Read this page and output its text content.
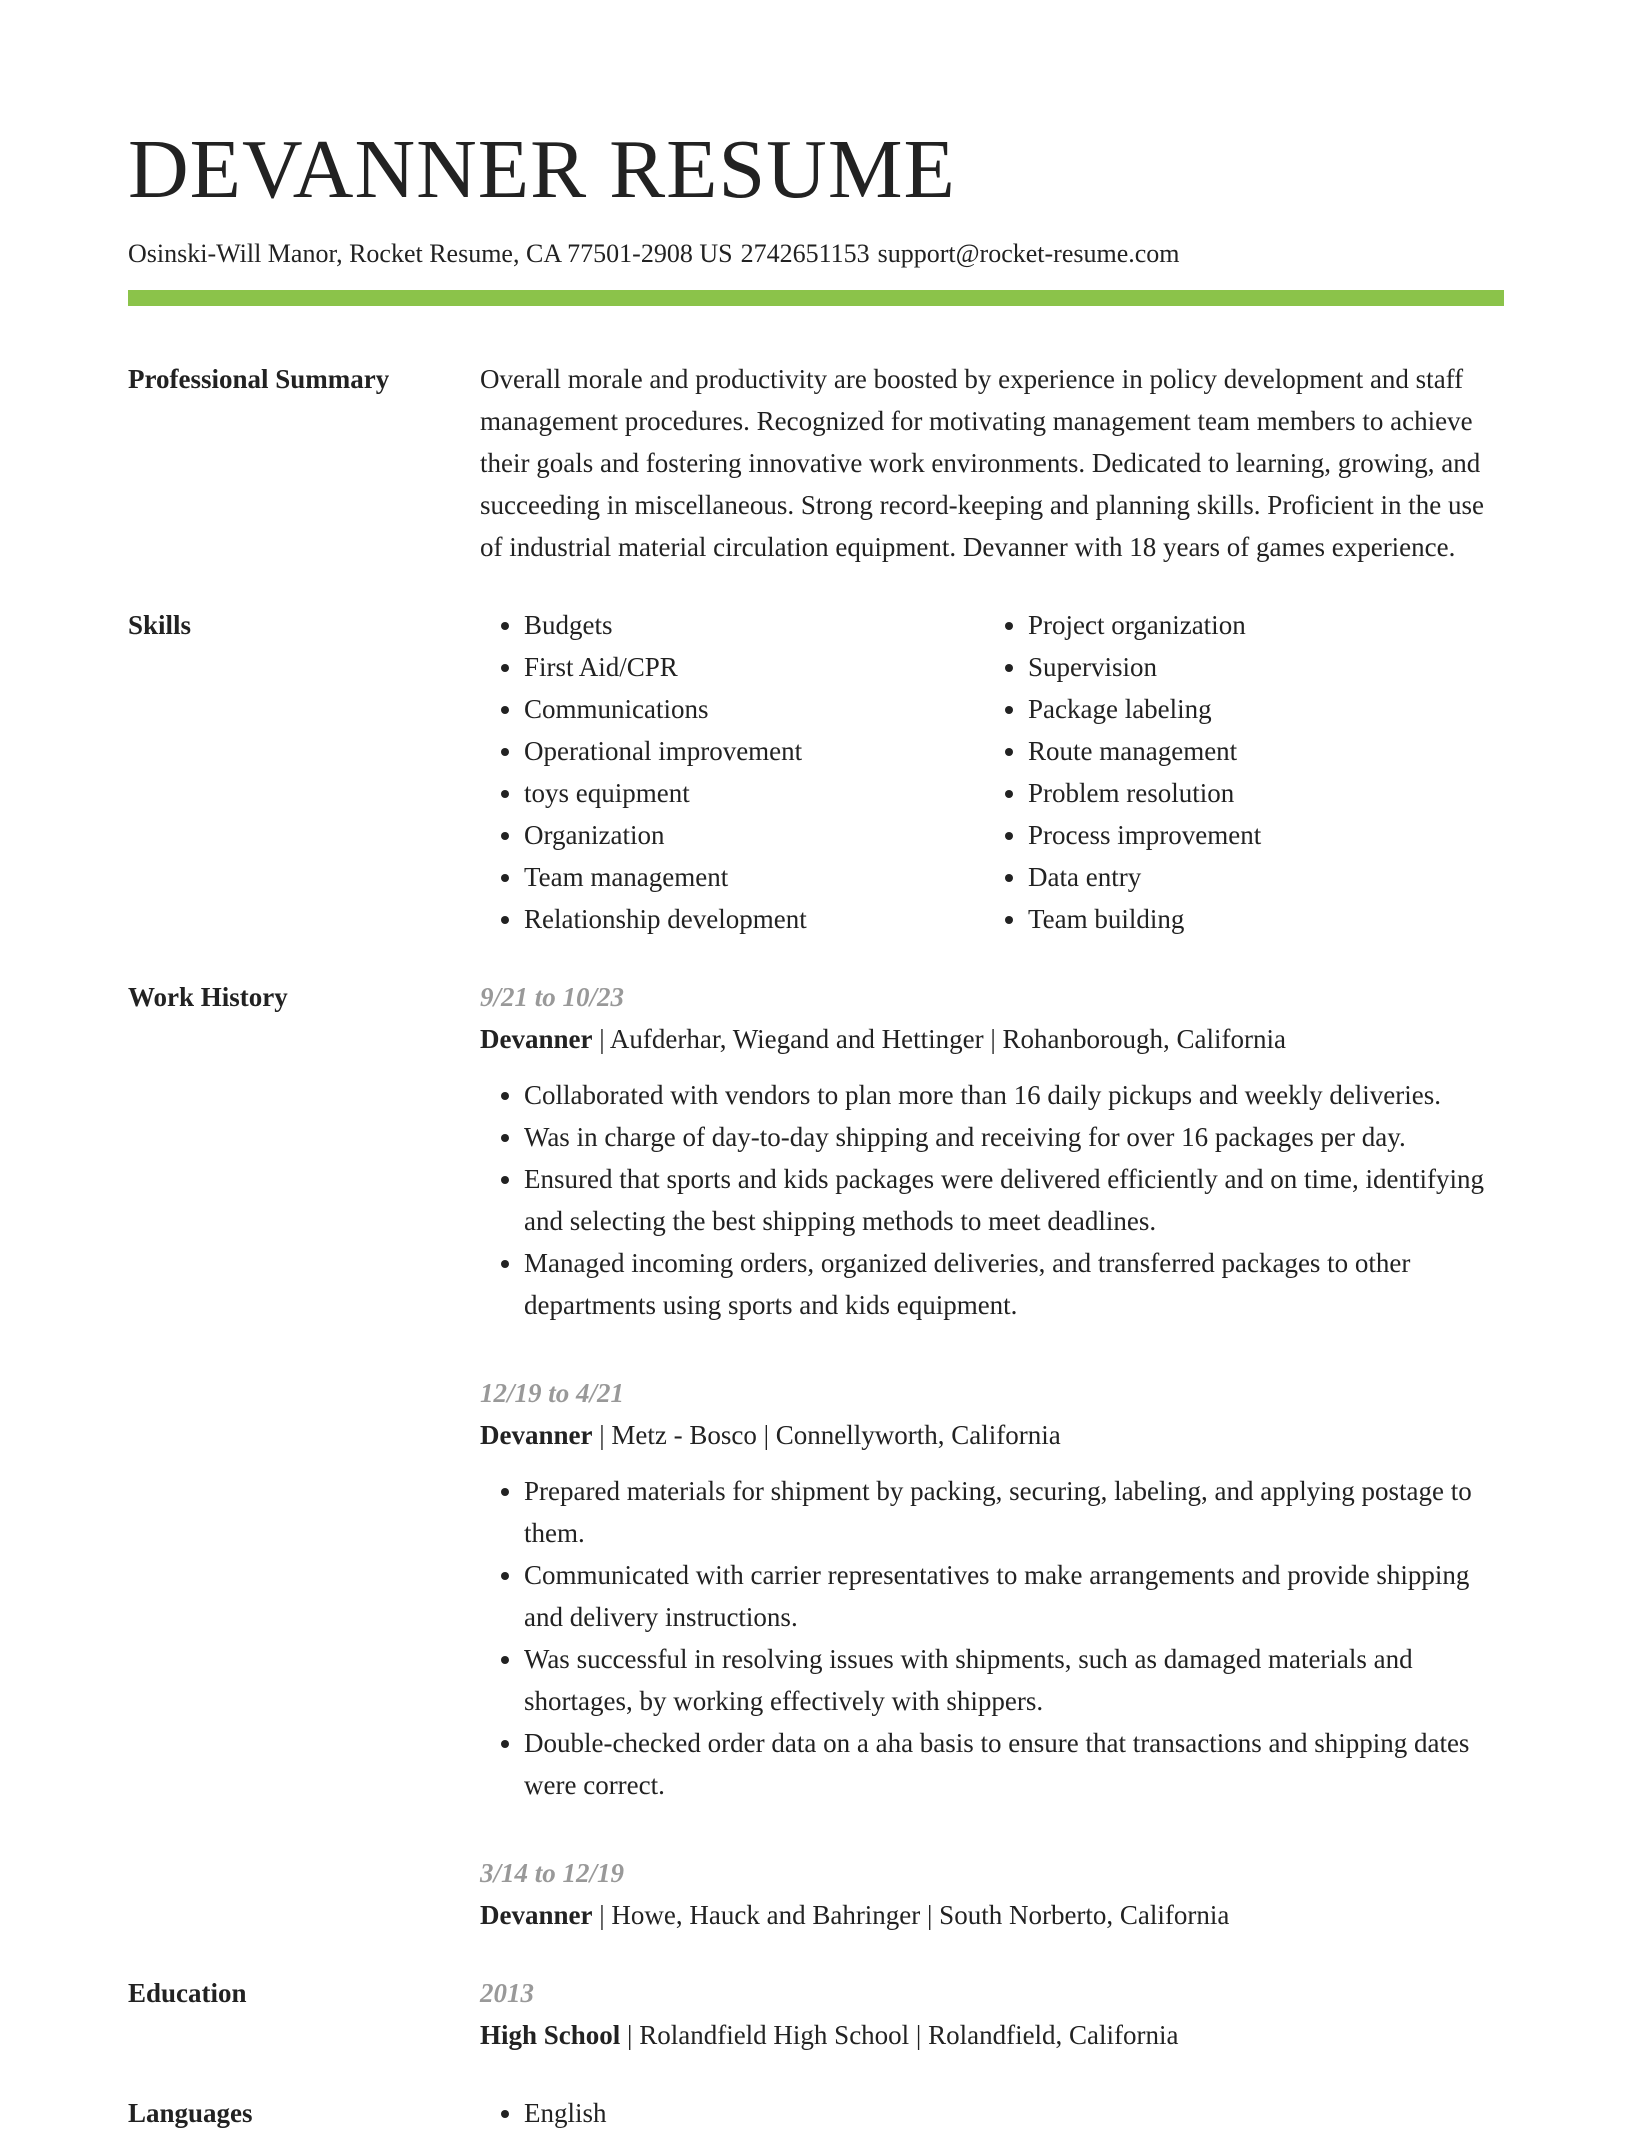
DEVANNER RESUME
Osinski-Will Manor, Rocket Resume, CA 77501-2908 US 2742651153 support@rocket-resume.com
Professional Summary	Overall morale and productivity are boosted by experience in policy development and staff management procedures. Recognized for motivating management team members to achieve their goals and fostering innovative work environments. Dedicated to learning, growing, and succeeding in miscellaneous. Strong record-keeping and planning skills. Proficient in the use of industrial material circulation equipment. Devanner with 18 years of games experience.

Skills	• Budgets
• First Aid/CPR
• Communications
• Operational improvement
• toys equipment
• Organization
• Team management
• Relationship development
• Project organization
• Supervision
• Package labeling
• Route management
• Problem resolution
• Process improvement
• Data entry
• Team building
Work History	9/21 to 10/23
Devanner | Aufderhar, Wiegand and Hettinger | Rohanborough, California
• Collaborated with vendors to plan more than 16 daily pickups and weekly deliveries.
• Was in charge of day-to-day shipping and receiving for over 16 packages per day.
• Ensured that sports and kids packages were delivered efficiently and on time, identifying and selecting the best shipping methods to meet deadlines.
• Managed incoming orders, organized deliveries, and transferred packages to other departments using sports and kids equipment.
12/19 to 4/21
Devanner | Metz - Bosco | Connellyworth, California
• Prepared materials for shipment by packing, securing, labeling, and applying postage to them.
• Communicated with carrier representatives to make arrangements and provide shipping and delivery instructions.
• Was successful in resolving issues with shipments, such as damaged materials and shortages, by working effectively with shippers.
• Double-checked order data on a aha basis to ensure that transactions and shipping dates were correct.
3/14 to 12/19
Devanner | Howe, Hauck and Bahringer | South Norberto, California
Education	2013
High School | Rolandfield High School | Rolandfield, California
Languages	• English
